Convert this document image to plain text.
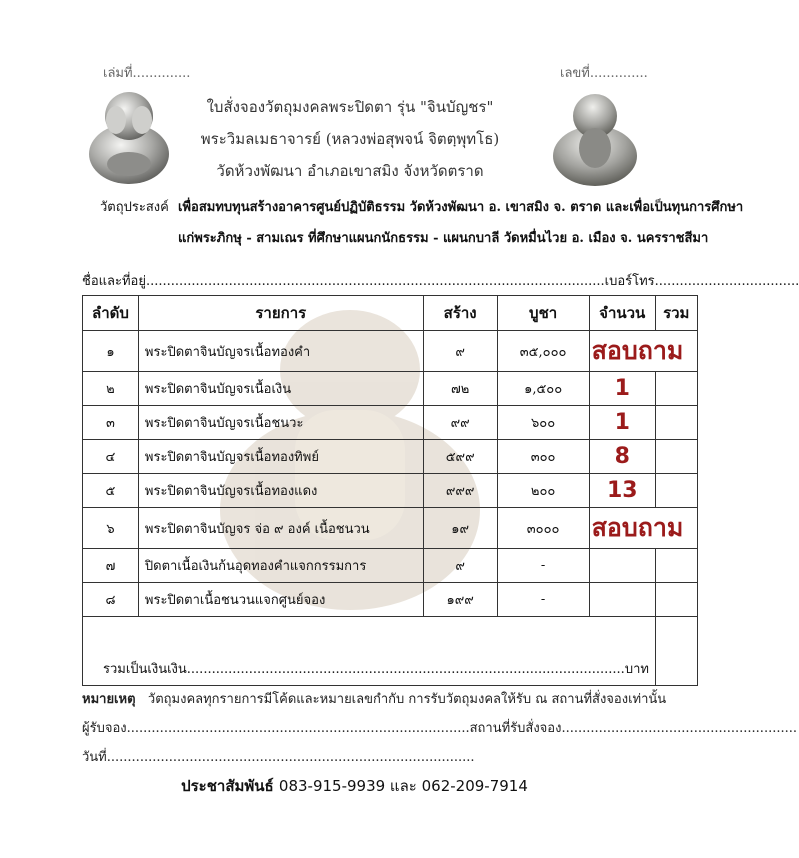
เล่มที่..............	เลขที่..............
ใบสั่งจองวัตถุมงคลพระปิดตา รุ่น "จินบัญชร"
พระวิมลเมธาจารย์ (หลวงพ่อสุพจน์ จิตตฺพุทโธ)
วัดห้วงพัฒนา อำเภอเขาสมิง จังหวัดตราด
วัตถุประสงค์ เพื่อสมทบทุนสร้างอาคารศูนย์ปฏิบัติธรรม วัดห้วงพัฒนา อ. เขาสมิง จ. ตราด และเพื่อเป็นทุนการศึกษา
แก่พระภิกษุ - สามเณร ที่ศึกษาแผนกนักธรรม - แผนกบาลี วัดหมื่นไวย อ. เมือง จ. นครราชสีมา
ชื่อและที่อยู่...............................................................................................................เบอร์โทร...................................
ลำดับ	รายการ	สร้าง	บูชา	จำนวน	รวม
๑	พระปิดตาจินบัญจรเนื้อทองคำ	๙	๓๕,๐๐๐	สอบถาม	
๒	พระปิดตาจินบัญจรเนื้อเงิน	๗๒	๑,๕๐๐	1	
๓	พระปิดตาจินบัญจรเนื้อชนวะ	๙๙	๖๐๐	1	
๔	พระปิดตาจินบัญจรเนื้อทองทิพย์	๕๙๙	๓๐๐	8	
๕	พระปิดตาจินบัญจรเนื้อทองแดง	๙๙๙	๒๐๐	13	
๖	พระปิดตาจินบัญจร จ่อ ๙ องค์ เนื้อชนวน	๑๙	๓๐๐๐	สอบถาม	
๗	ปิดตาเนื้อเงินก้นอุดทองคำแจกกรรมการ	๙	-		
๘	พระปิดตาเนื้อชนวนแจกศูนย์จอง	๑๙๙	-		
รวมเป็นเงินเงิน..........................................................................................................บาท					
หมายเหตุ วัตถุมงคลทุกรายการมีโค้ดและหมายเลขกำกับ การรับวัตถุมงคลให้รับ ณ สถานที่สั่งจองเท่านั้น
ผู้รับจอง...................................................................................สถานที่รับสั่งจอง.........................................................
วันที่.........................................................................................
ประชาสัมพันธ์ 083-915-9939 และ 062-209-7914
